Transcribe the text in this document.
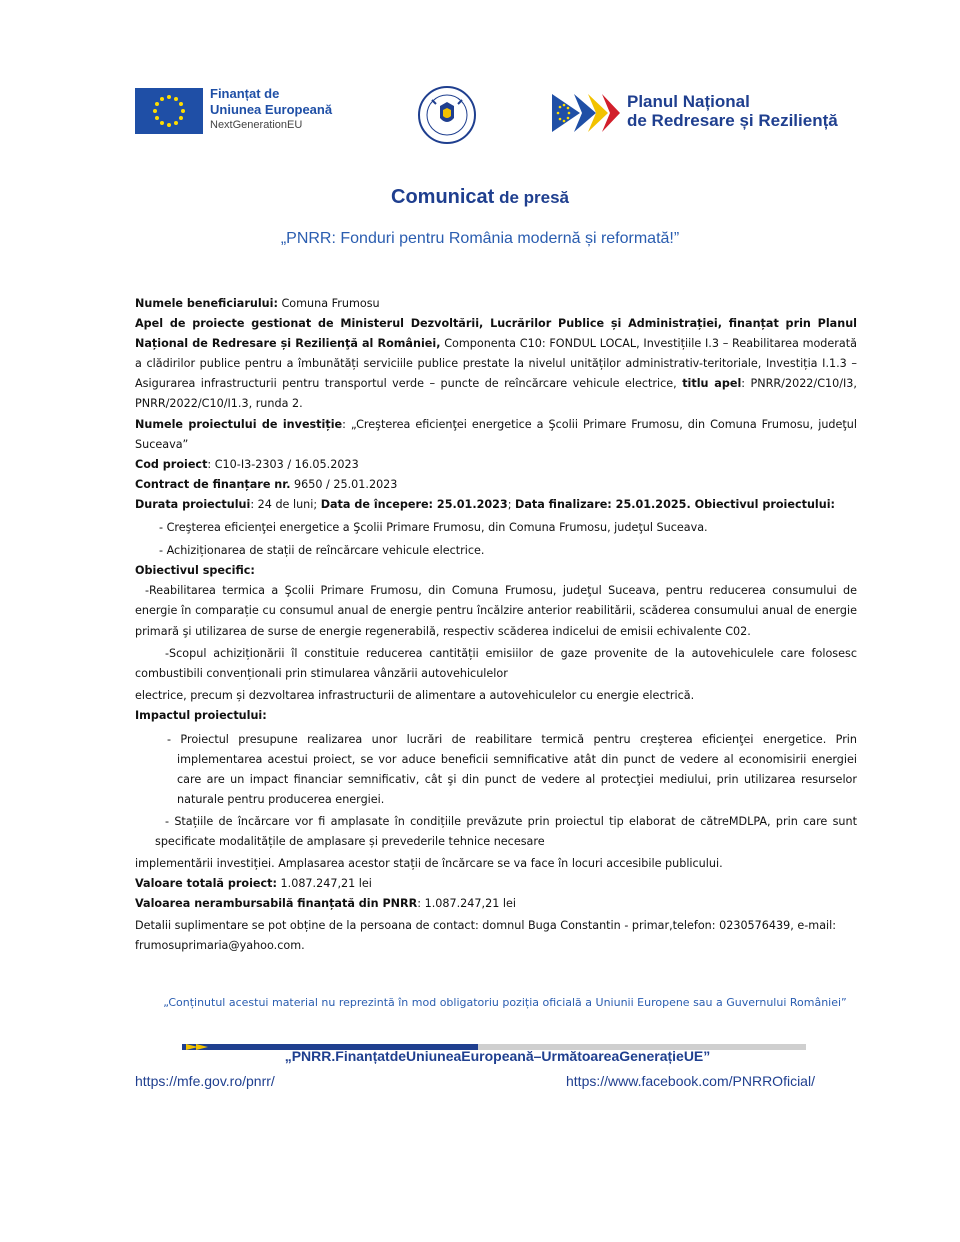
Finanțat de
Uniunea Europeană
NextGenerationEU
Planul Național
de Redresare și Reziliență
Comunicat de presă
„PNRR: Fonduri pentru România modernă și reformată!”

Numele beneficiarului: Comuna Frumosu

Apel de proiecte gestionat de Ministerul Dezvoltării, Lucrărilor Publice și Administrației, finanțat prin Planul Național de Redresare și Rezilienţă al României, Componenta C10: FONDUL LOCAL, Investițiile I.3 – Reabilitarea moderată a clădirilor publice pentru a îmbunătăți serviciile publice prestate la nivelul unităților administrativ-teritoriale, Investiția I.1.3 – Asigurarea infrastructurii pentru transportul verde – puncte de reîncărcare vehicule electrice, titlu apel: PNRR/2022/C10/I3, PNRR/2022/C10/I1.3, runda 2.

Numele proiectului de investiție: „Creşterea eficienţei energetice a Şcolii Primare Frumosu, din Comuna Frumosu, judeţul Suceava”

Cod proiect: C10-I3-2303 / 16.05.2023

Contract de finanțare nr. 9650 / 25.01.2023

Durata proiectului: 24 de luni; Data de începere: 25.01.2023; Data finalizare: 25.01.2025. Obiectivul proiectului:

- Creşterea eficienţei energetice a Şcolii Primare Frumosu, din Comuna Frumosu, judeţul Suceava.

- Achiziționarea de stații de reîncărcare vehicule electrice.

Obiectivul specific:

-Reabilitarea termica a Şcolii Primare Frumosu, din Comuna Frumosu, judeţul Suceava, pentru reducerea consumului de energie în comparație cu consumul anual de energie pentru încălzire anterior reabilitării, scăderea consumului anual de energie primară şi utilizarea de surse de energie regenerabilă, respectiv scăderea indicelui de emisii echivalente C02.

-Scopul achiziționării îl constituie reducerea cantității emisiilor de gaze provenite de la autovehiculele care folosesc combustibili convenționali prin stimularea vânzării autovehiculelor

electrice, precum și dezvoltarea infrastructurii de alimentare a autovehiculelor cu energie electrică.

Impactul proiectului:

- Proiectul presupune realizarea unor lucrări de reabilitare termică pentru creşterea eficienţei energetice. Prin implementarea acestui proiect, se vor aduce beneficii semnificative atât din punct de vedere al economisirii energiei care are un impact financiar semnificativ, cât şi din punct de vedere al protecţiei mediului, prin utilizarea resurselor naturale pentru producerea energiei.

- Stațiile de încărcare vor fi amplasate în condițiile prevăzute prin proiectul tip elaborat de cătreMDLPA, prin care sunt specificate modalitățile de amplasare și prevederile tehnice necesare

implementării investiției. Amplasarea acestor stații de încărcare se va face în locuri accesibile publicului.

Valoare totală proiect: 1.087.247,21 lei

Valoarea nerambursabilă finanțată din PNRR: 1.087.247,21 lei

Detalii suplimentare se pot obține de la persoana de contact: domnul Buga Constantin - primar,telefon: 0230576439, e-mail: frumosuprimaria@yahoo.com.

„Conținutul acestui material nu reprezintă în mod obligatoriu poziția oficială a Uniunii Europene sau a Guvernului României”
„PNRR.FinanțatdeUniuneaEuropeană–UrmătoareaGenerațieUE”
https://mfe.gov.ro/pnrr/	https://www.facebook.com/PNRROficial/
